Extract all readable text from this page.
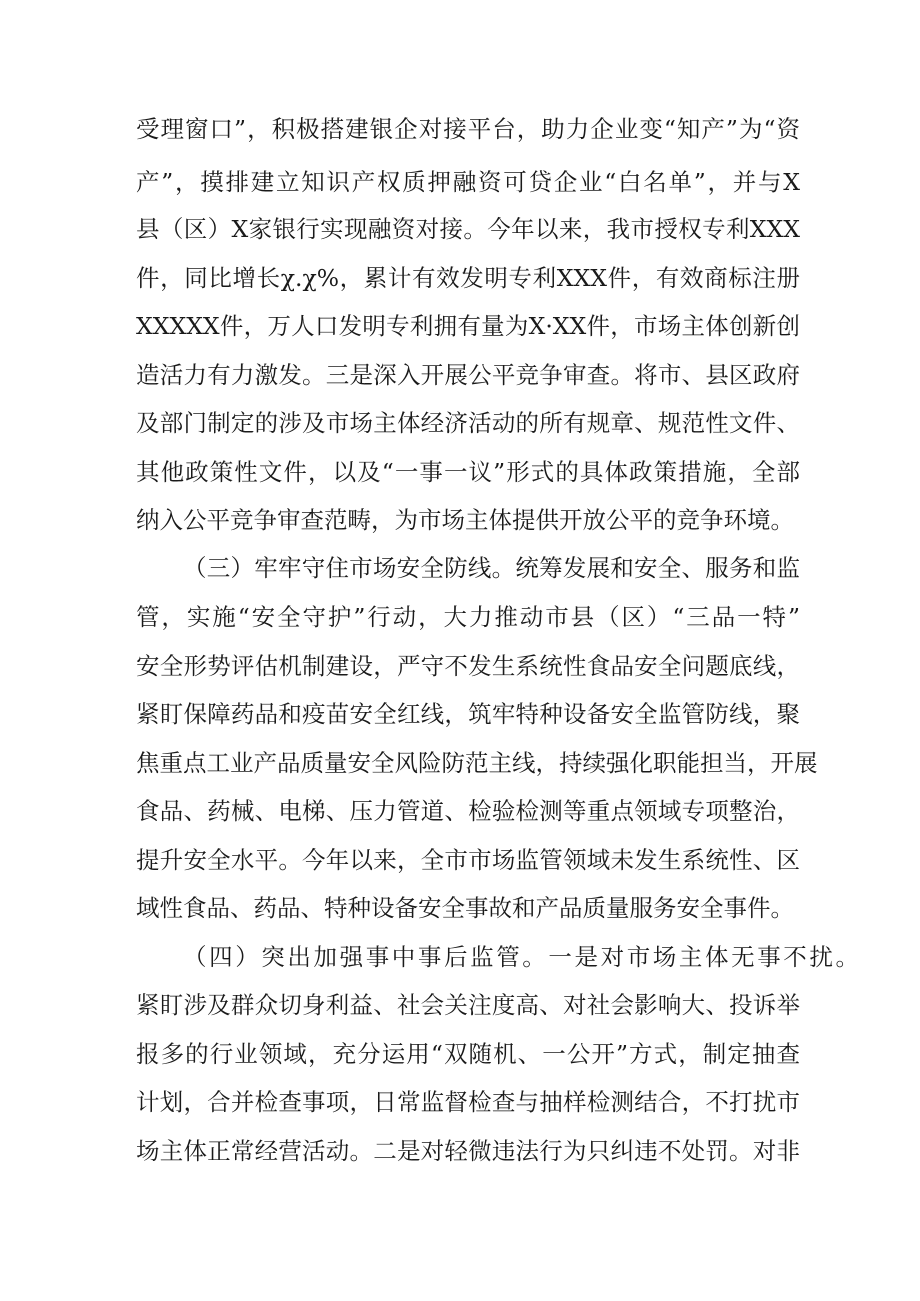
受理窗口”，积极搭建银企对接平台，助力企业变“知产”为“资
产”，摸排建立知识产权质押融资可贷企业“白名单”，并与X
县（区）X家银行实现融资对接。今年以来，我市授权专利XXX
件，同比增长χ.χ%，累计有效发明专利XXX件，有效商标注册
XXXXX件，万人口发明专利拥有量为X·XX件，市场主体创新创
造活力有力激发。三是深入开展公平竞争审查。将市、县区政府
及部门制定的涉及市场主体经济活动的所有规章、规范性文件、
其他政策性文件，以及“一事一议”形式的具体政策措施，全部
纳入公平竞争审查范畴，为市场主体提供开放公平的竞争环境。
（三）牢牢守住市场安全防线。统筹发展和安全、服务和监
管，实施“安全守护”行动，大力推动市县（区）“三品一特”
安全形势评估机制建设，严守不发生系统性食品安全问题底线，
紧盯保障药品和疫苗安全红线，筑牢特种设备安全监管防线，聚
焦重点工业产品质量安全风险防范主线，持续强化职能担当，开展
食品、药械、电梯、压力管道、检验检测等重点领域专项整治，
提升安全水平。今年以来，全市市场监管领域未发生系统性、区
域性食品、药品、特种设备安全事故和产品质量服务安全事件。
（四）突出加强事中事后监管。一是对市场主体无事不扰。
紧盯涉及群众切身利益、社会关注度高、对社会影响大、投诉举
报多的行业领域，充分运用“双随机、一公开”方式，制定抽查
计划，合并检查事项，日常监督检查与抽样检测结合，不打扰市
场主体正常经营活动。二是对轻微违法行为只纠违不处罚。对非
